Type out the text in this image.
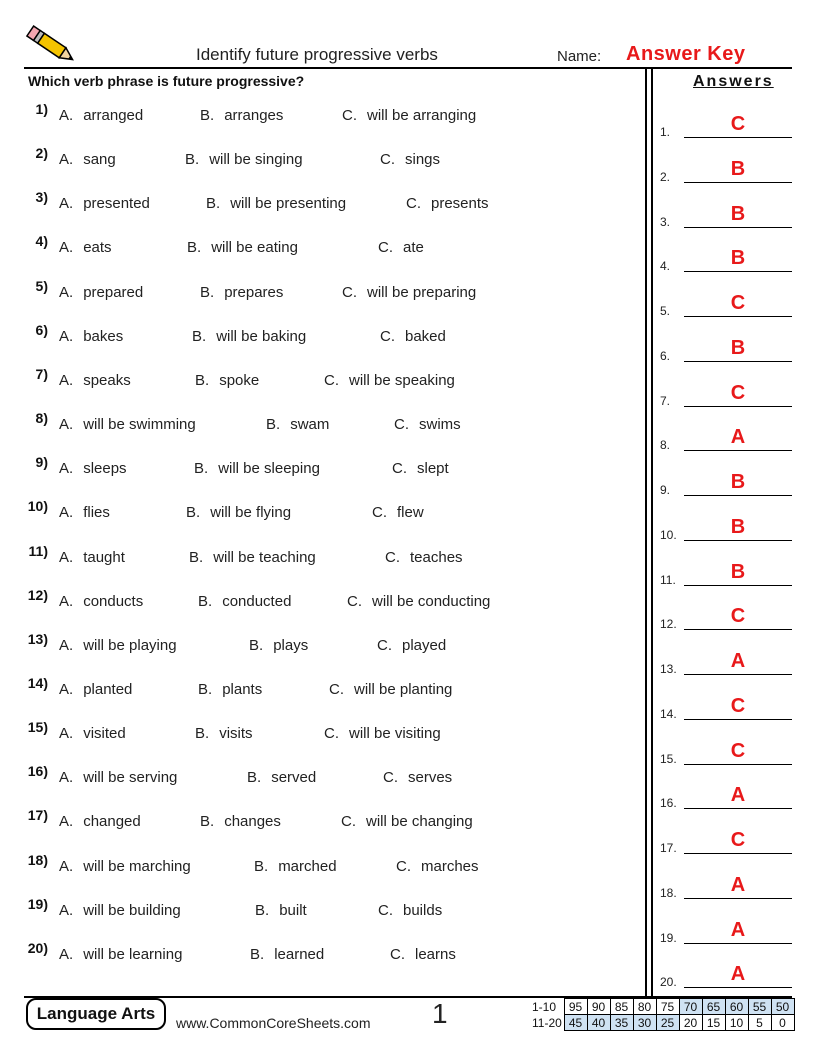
Identify future progressive verbs	Name: Answer Key
Which verb phrase is future progressive?	Answers
1) A. arranged	B. arranges	C. will be arranging
2) A. sang	B. will be singing	C. sings
3) A. presented	B. will be presenting	C. presents
4) A. eats	B. will be eating	C. ate
5) A. prepared	B. prepares	C. will be preparing
6) A. bakes	B. will be baking	C. baked
7) A. speaks	B. spoke	C. will be speaking
8) A. will be swimming	B. swam	C. swims
9) A. sleeps	B. will be sleeping	C. slept
10) A. flies	B. will be flying	C. flew
11) A. taught	B. will be teaching	C. teaches
12) A. conducts	B. conducted	C. will be conducting
13) A. will be playing	B. plays	C. played
14) A. planted	B. plants	C. will be planting
15) A. visited	B. visits	C. will be visiting
16) A. will be serving	B. served	C. serves
17) A. changed	B. changes	C. will be changing
18) A. will be marching	B. marched	C. marches
19) A. will be building	B. built	C. builds
20) A. will be learning	B. learned	C. learns
1.	C
2.	B
3.	B
4.	B
5.	C
6.	B
7.	C
8.	A
9.	B
10.	B
11.	B
12.	C
13.	A
14.	C
15.	C
16.	A
17.	C
18.	A
19.	A
20.	A
Language Arts	www.CommonCoreSheets.com 1	1-10	95	90	85	80	75	70	65	60	55	50
11-20	45	40	35	30	25	20	15	10	5	0
